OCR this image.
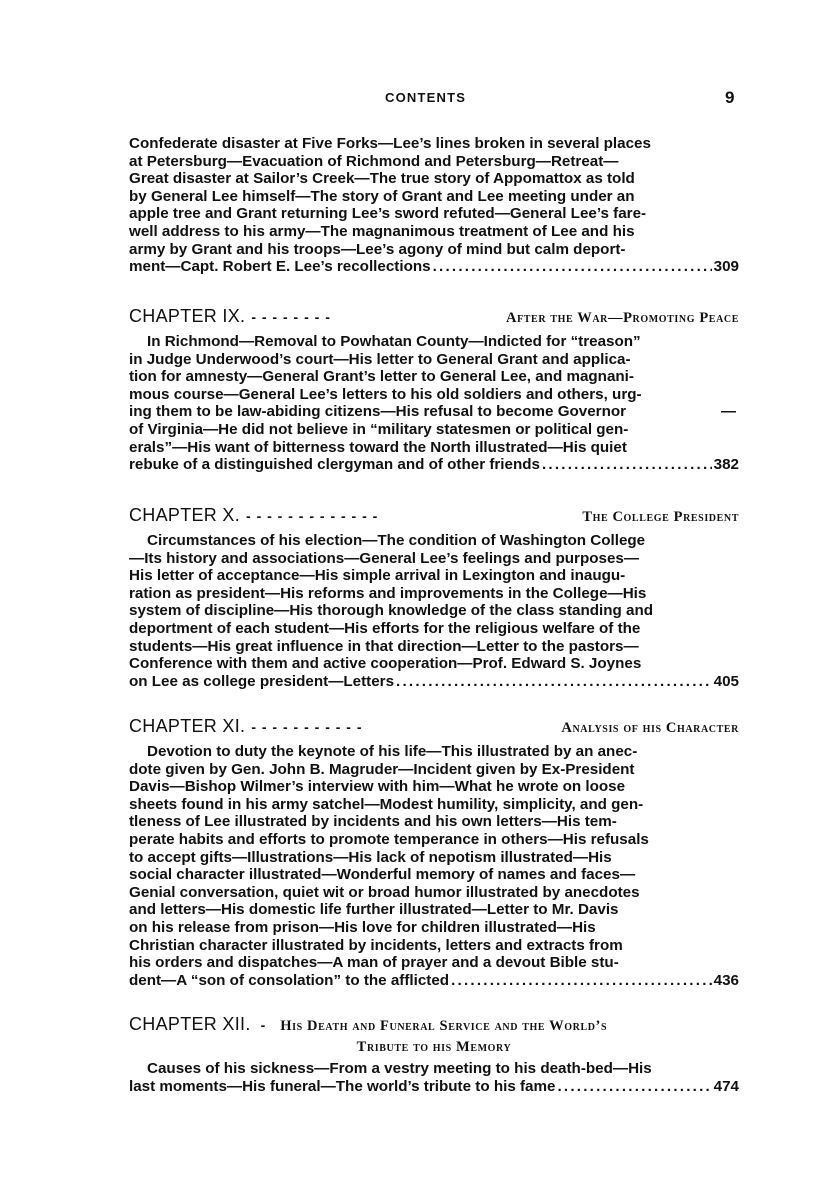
CONTENTS	9

Confederate disaster at Five Forks—Lee’s lines broken in several places

at Petersburg—Evacuation of Richmond and Petersburg—Retreat—

Great disaster at Sailor’s Creek—The true story of Appomattox as told

by General Lee himself—The story of Grant and Lee meeting under an

apple tree and Grant returning Lee’s sword refuted—General Lee’s fare-

well address to his army—The magnanimous treatment of Lee and his

army by Grant and his troops—Lee’s agony of mind but calm deport-

ment—Capt. Robert E. Lee’s recollections . . .	309
CHAPTER IX. - - - - - - - -	After the War—Promoting Peace

In Richmond—Removal to Powhatan County—Indicted for “treason”

in Judge Underwood’s court—His letter to General Grant and applica-

tion for amnesty—General Grant’s letter to General Lee, and magnani-

mous course—General Lee’s letters to his old soldiers and others, urg-

ing them to be law-abiding citizens—His refusal to become Governor

of Virginia—He did not believe in “military statesmen or political gen-

erals”—His want of bitterness toward the North illustrated—His quiet

rebuke of a distinguished clergyman and of other friends . . .	382
—
CHAPTER X. - - - - - - - - - - - - -	The College President

Circumstances of his election—The condition of Washington College

—Its history and associations—General Lee’s feelings and purposes—

His letter of acceptance—His simple arrival in Lexington and inaugu-

ration as president—His reforms and improvements in the College—His

system of discipline—His thorough knowledge of the class standing and

deportment of each student—His efforts for the religious welfare of the

students—His great influence in that direction—Letter to the pastors—

Conference with them and active cooperation—Prof. Edward S. Joynes

on Lee as college president—Letters . . .	405
CHAPTER XI. - - - - - - - - - - -	Analysis of his Character

Devotion to duty the keynote of his life—This illustrated by an anec-

dote given by Gen. John B. Magruder—Incident given by Ex-President

Davis—Bishop Wilmer’s interview with him—What he wrote on loose

sheets found in his army satchel—Modest humility, simplicity, and gen-

tleness of Lee illustrated by incidents and his own letters—His tem-

perate habits and efforts to promote temperance in others—His refusals

to accept gifts—Illustrations—His lack of nepotism illustrated—His

social character illustrated—Wonderful memory of names and faces—

Genial conversation, quiet wit or broad humor illustrated by anecdotes

and letters—His domestic life further illustrated—Letter to Mr. Davis

on his release from prison—His love for children illustrated—His

Christian character illustrated by incidents, letters and extracts from

his orders and dispatches—A man of prayer and a devout Bible stu-

dent—A “son of consolation” to the afflicted . . .	436
CHAPTER XII. - His Death and Funeral Service and the World’s
Tribute to his Memory

Causes of his sickness—From a vestry meeting to his death-bed—His

last moments—His funeral—The world’s tribute to his fame . . .	474
